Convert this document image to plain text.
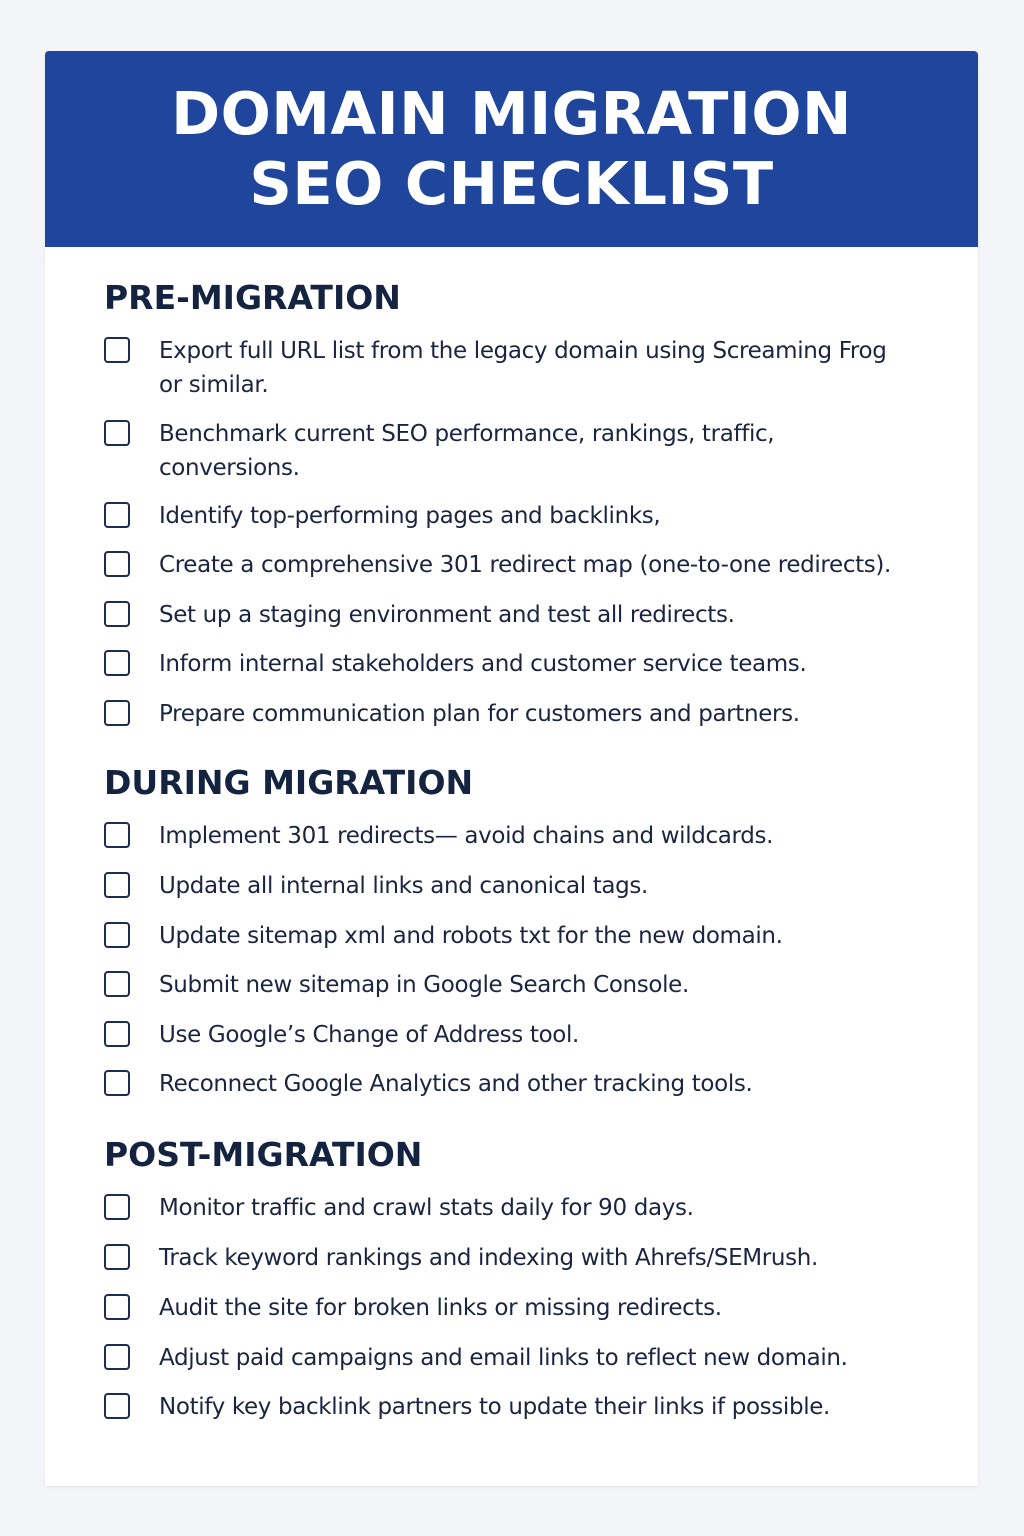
DOMAIN MIGRATION
SEO CHECKLIST
PRE-MIGRATION
Export full URL list from the legacy domain using Screaming Frog or similar.
Benchmark current SEO performance, rankings, traffic, conversions.
Identify top-performing pages and backlinks,
Create a comprehensive 301 redirect map (one-to-one redirects).
Set up a staging environment and test all redirects.
Inform internal stakeholders and customer service teams.
Prepare communication plan for customers and partners.
DURING MIGRATION
Implement 301 redirects— avoid chains and wildcards.
Update all internal links and canonical tags.
Update sitemap xml and robots txt for the new domain.
Submit new sitemap in Google Search Console.
Use Google’s Change of Address tool.
Reconnect Google Analytics and other tracking tools.
POST-MIGRATION
Monitor traffic and crawl stats daily for 90 days.
Track keyword rankings and indexing with Ahrefs/SEMrush.
Audit the site for broken links or missing redirects.
Adjust paid campaigns and email links to reflect new domain.
Notify key backlink partners to update their links if possible.
